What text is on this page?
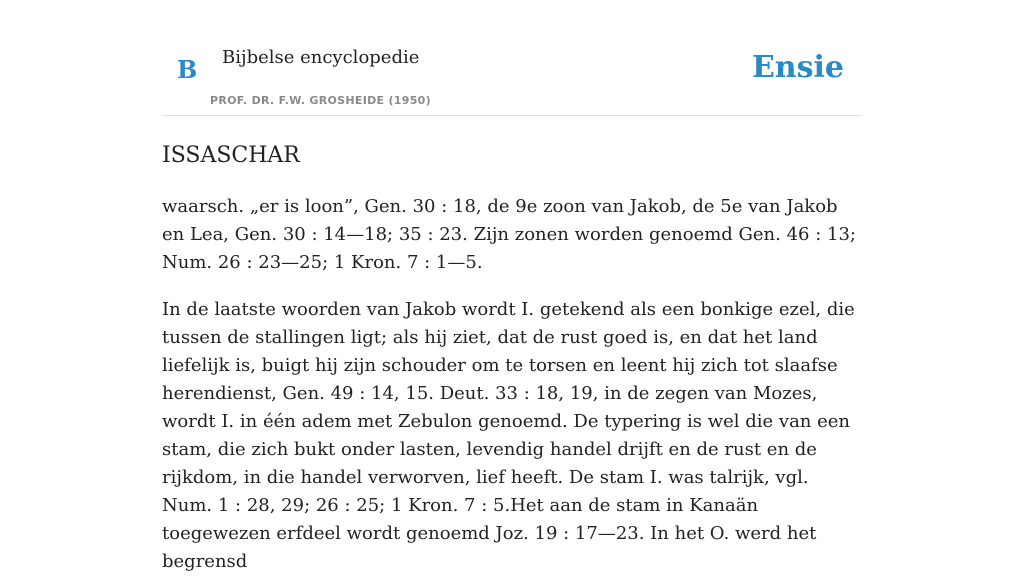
B Bijbelse encyclopedie
PROF. DR. F.W. GROSHEIDE (1950)
Ensie
ISSASCHAR

waarsch. „er is loon”, Gen. 30 : 18, de 9e zoon van Jakob, de 5e van Jakob en Lea, Gen. 30 : 14—18; 35 : 23. Zijn zonen worden genoemd Gen. 46 : 13; Num. 26 : 23—25; 1 Kron. 7 : 1—5.

In de laatste woorden van Jakob wordt I. getekend als een bonkige ezel, die tussen de stallingen ligt; als hij ziet, dat de rust goed is, en dat het land liefelijk is, buigt hij zijn schouder om te torsen en leent hij zich tot slaafse herendienst, Gen. 49 : 14, 15. Deut. 33 : 18, 19, in de zegen van Mozes, wordt I. in één adem met Zebulon genoemd. De typering is wel die van een stam, die zich bukt onder lasten, levendig handel drijft en de rust en de rijkdom, in die handel verworven, lief heeft. De stam I. was talrijk, vgl. Num. 1 : 28, 29; 26 : 25; 1 Kron. 7 : 5.Het aan de stam in Kanaän toegewezen erfdeel wordt genoemd Joz. 19 : 17—23. In het O. werd het begrensd
